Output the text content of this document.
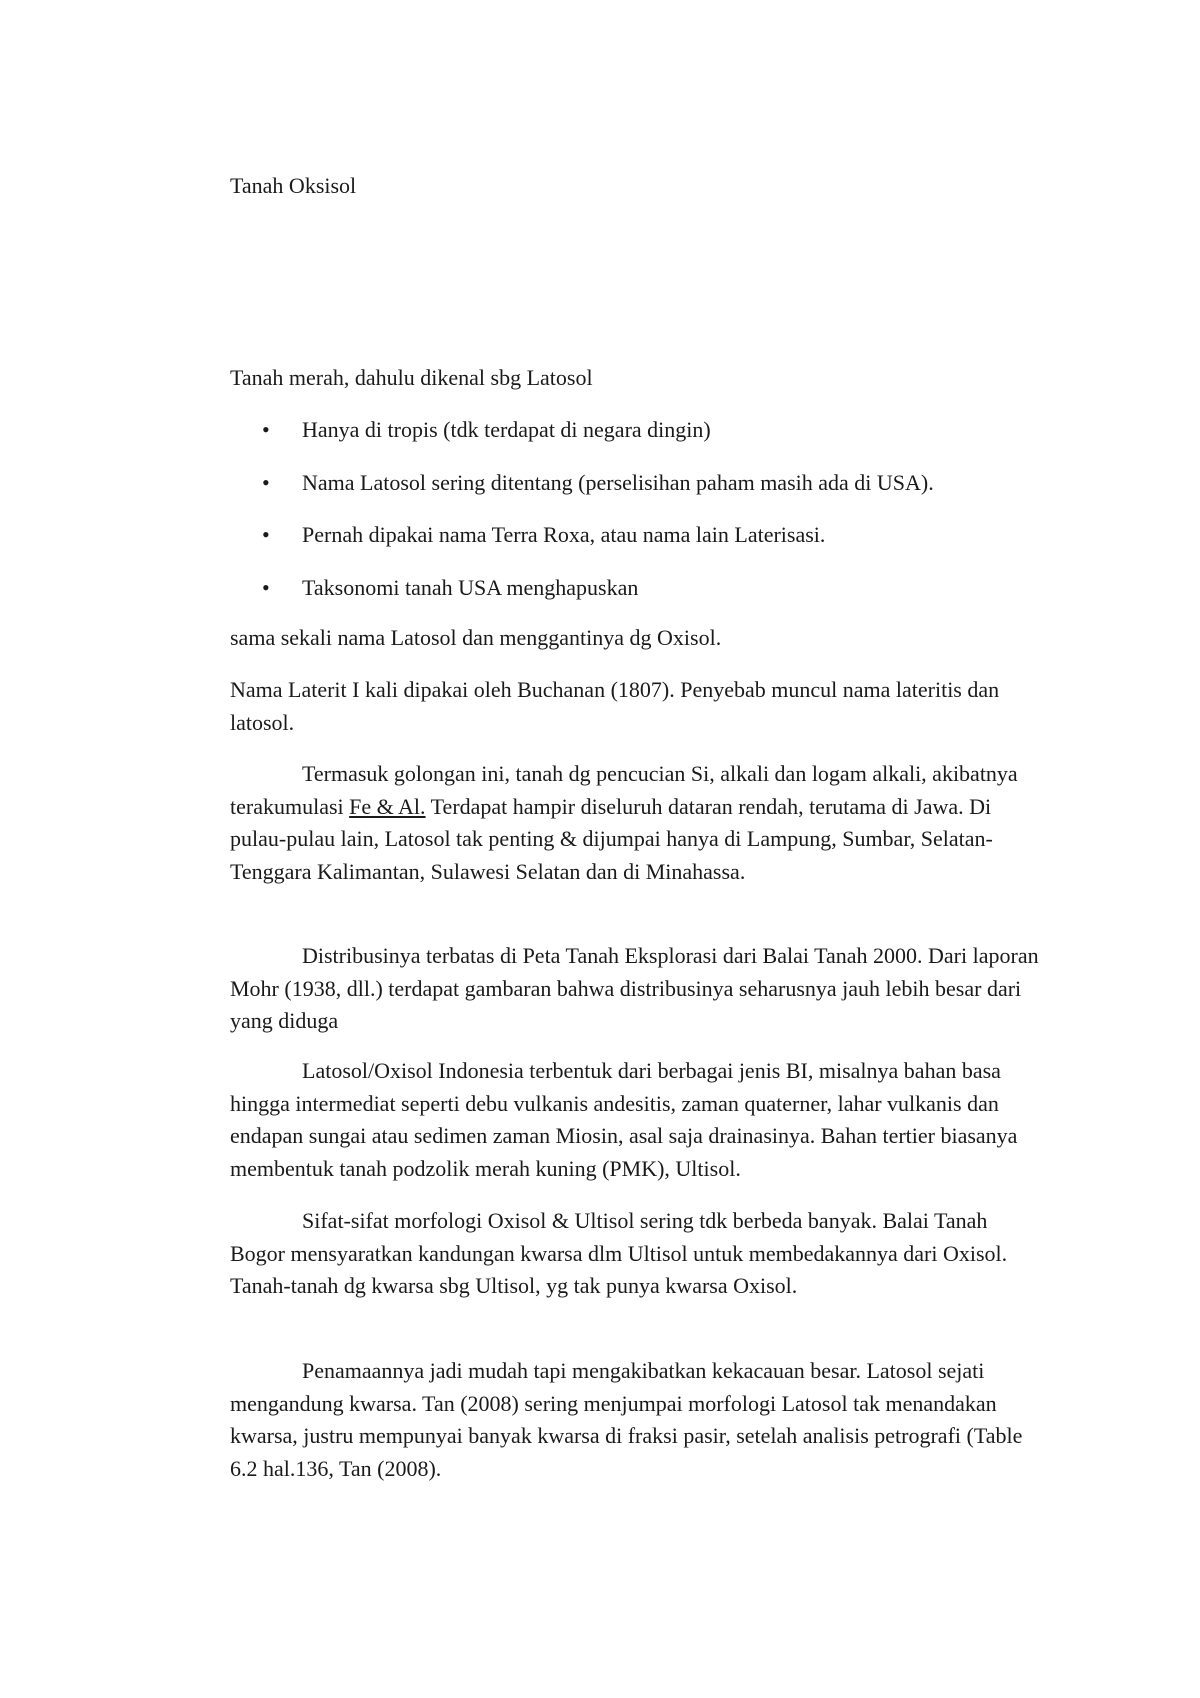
Tanah Oksisol

Tanah merah, dahulu dikenal sbg Latosol

• Hanya di tropis (tdk terdapat di negara dingin)
• Nama Latosol sering ditentang (perselisihan paham masih ada di USA).
• Pernah dipakai nama Terra Roxa, atau nama lain Laterisasi.
• Taksonomi tanah USA menghapuskan

sama sekali nama Latosol dan menggantinya dg Oxisol.

Nama Laterit I kali dipakai oleh Buchanan (1807). Penyebab muncul nama lateritis dan latosol.

Termasuk golongan ini, tanah dg pencucian Si, alkali dan logam alkali, akibatnya terakumulasi Fe & Al. Terdapat hampir diseluruh dataran rendah, terutama di Jawa. Di pulau-pulau lain, Latosol tak penting & dijumpai hanya di Lampung, Sumbar, Selatan-Tenggara Kalimantan, Sulawesi Selatan dan di Minahassa.

Distribusinya terbatas di Peta Tanah Eksplorasi dari Balai Tanah 2000. Dari laporan Mohr (1938, dll.) terdapat gambaran bahwa distribusinya seharusnya jauh lebih besar dari yang diduga

Latosol/Oxisol Indonesia terbentuk dari berbagai jenis BI, misalnya bahan basa hingga intermediat seperti debu vulkanis andesitis, zaman quaterner, lahar vulkanis dan endapan sungai atau sedimen zaman Miosin, asal saja drainasinya. Bahan tertier biasanya membentuk tanah podzolik merah kuning (PMK), Ultisol.

Sifat-sifat morfologi Oxisol & Ultisol sering tdk berbeda banyak. Balai Tanah Bogor mensyaratkan kandungan kwarsa dlm Ultisol untuk membedakannya dari Oxisol. Tanah-tanah dg kwarsa sbg Ultisol, yg tak punya kwarsa Oxisol.

Penamaannya jadi mudah tapi mengakibatkan kekacauan besar. Latosol sejati mengandung kwarsa. Tan (2008) sering menjumpai morfologi Latosol tak menandakan kwarsa, justru mempunyai banyak kwarsa di fraksi pasir, setelah analisis petrografi (Table 6.2 hal.136, Tan (2008).
